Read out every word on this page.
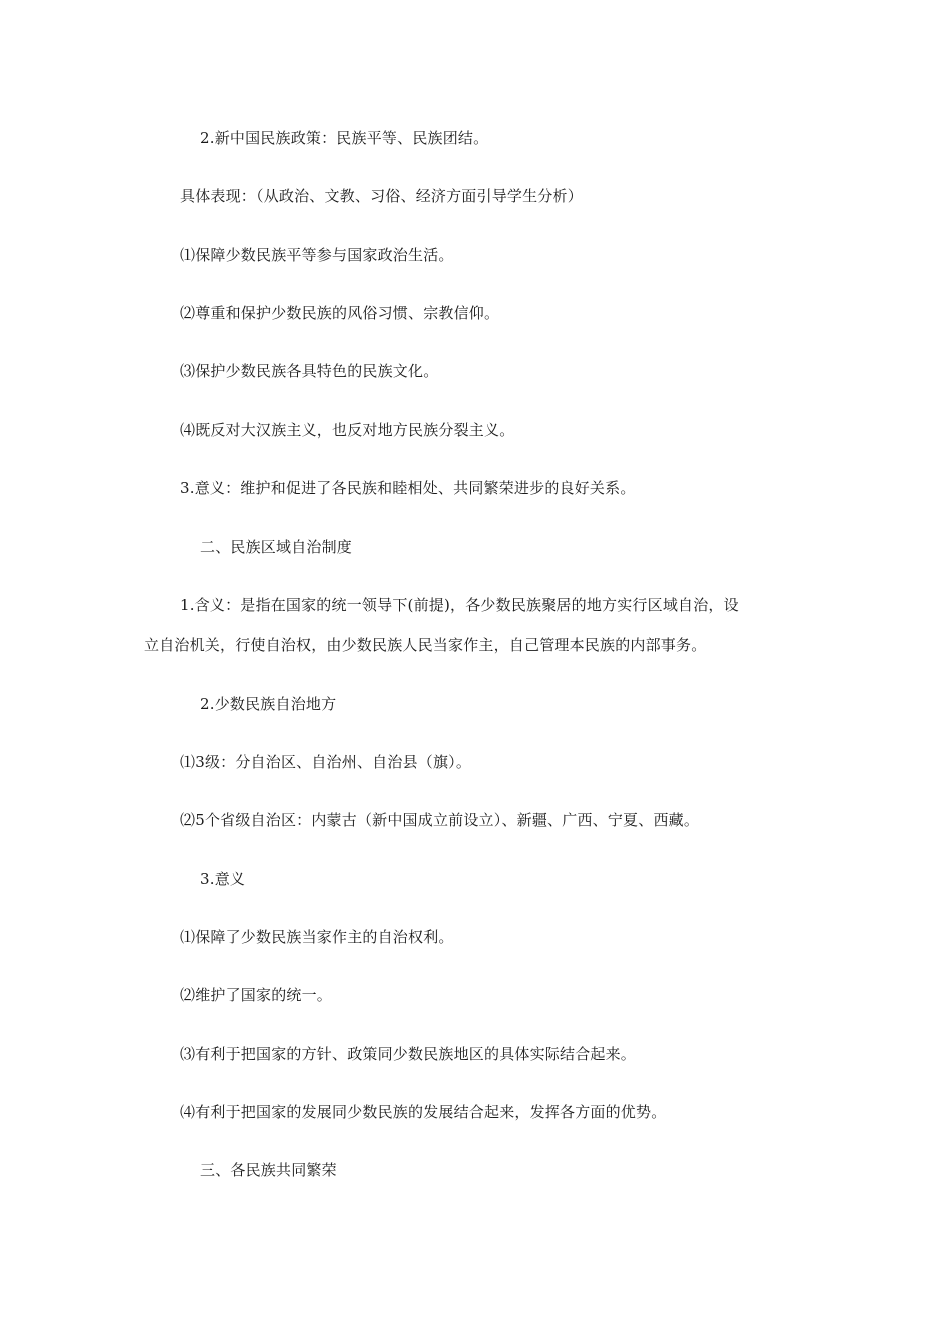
2.新中国民族政策：民族平等、民族团结。
具体表现：（从政治、文教、习俗、经济方面引导学生分析）
⑴保障少数民族平等参与国家政治生活。
⑵尊重和保护少数民族的风俗习惯、宗教信仰。
⑶保护少数民族各具特色的民族文化。
⑷既反对大汉族主义，也反对地方民族分裂主义。
3.意义：维护和促进了各民族和睦相处、共同繁荣进步的良好关系。
二、民族区域自治制度
1.含义：是指在国家的统一领导下(前提)，各少数民族聚居的地方实行区域自治，设
立自治机关，行使自治权，由少数民族人民当家作主，自己管理本民族的内部事务。
2.少数民族自治地方
⑴3级：分自治区、自治州、自治县（旗）。
⑵5个省级自治区：内蒙古（新中国成立前设立）、新疆、广西、宁夏、西藏。
3.意义
⑴保障了少数民族当家作主的自治权利。
⑵维护了国家的统一。
⑶有利于把国家的方针、政策同少数民族地区的具体实际结合起来。
⑷有利于把国家的发展同少数民族的发展结合起来，发挥各方面的优势。
三、各民族共同繁荣
